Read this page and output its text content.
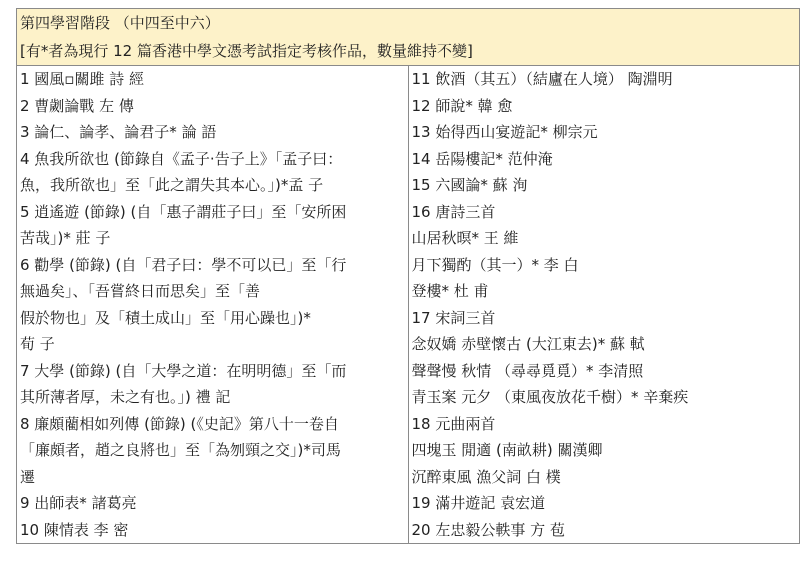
第四學習階段 （中四至中六）
[有*者為現行 12 篇香港中學文憑考試指定考核作品，數量維持不變]

1 國風▫關雎 詩 經
2 曹劌論戰 左 傳
3 論仁、論孝、論君子* 論 語
4 魚我所欲也 (節錄自《孟子‧告子上》「孟子曰：
魚，我所欲也」至「此之謂失其本心。」)*孟 子
5 逍遙遊 (節錄) (自「惠子謂莊子曰」至「安所困
苦哉」)* 莊 子
6 勸學 (節錄) (自「君子曰：學不可以已」至「行
無過矣」、「吾嘗終日而思矣」至「善
假於物也」及「積土成山」至「用心躁也」)*
荀 子
7 大學 (節錄) (自「大學之道：在明明德」至「而
其所薄者厚，未之有也。」) 禮 記
8 廉頗藺相如列傳 (節錄) (《史記》第八十一卷自
「廉頗者，趙之良將也」至「為刎頸之交」)*司馬
遷
9 出師表* 諸葛亮
10 陳情表 李 密

11 飲酒（其五）（結廬在人境） 陶淵明
12 師說* 韓 愈
13 始得西山宴遊記* 柳宗元
14 岳陽樓記* 范仲淹
15 六國論* 蘇 洵
16 唐詩三首
山居秋暝* 王 維
月下獨酌（其一）* 李 白
登樓* 杜 甫
17 宋詞三首
念奴嬌 赤壁懷古 (大江東去)* 蘇 軾
聲聲慢 秋情 （尋尋覓覓）* 李清照
青玉案 元夕 （東風夜放花千樹）* 辛棄疾
18 元曲兩首
四塊玉 閒適 (南畝耕) 關漢卿
沉醉東風 漁父詞 白 樸
19 滿井遊記 袁宏道
20 左忠毅公軼事 方 苞
